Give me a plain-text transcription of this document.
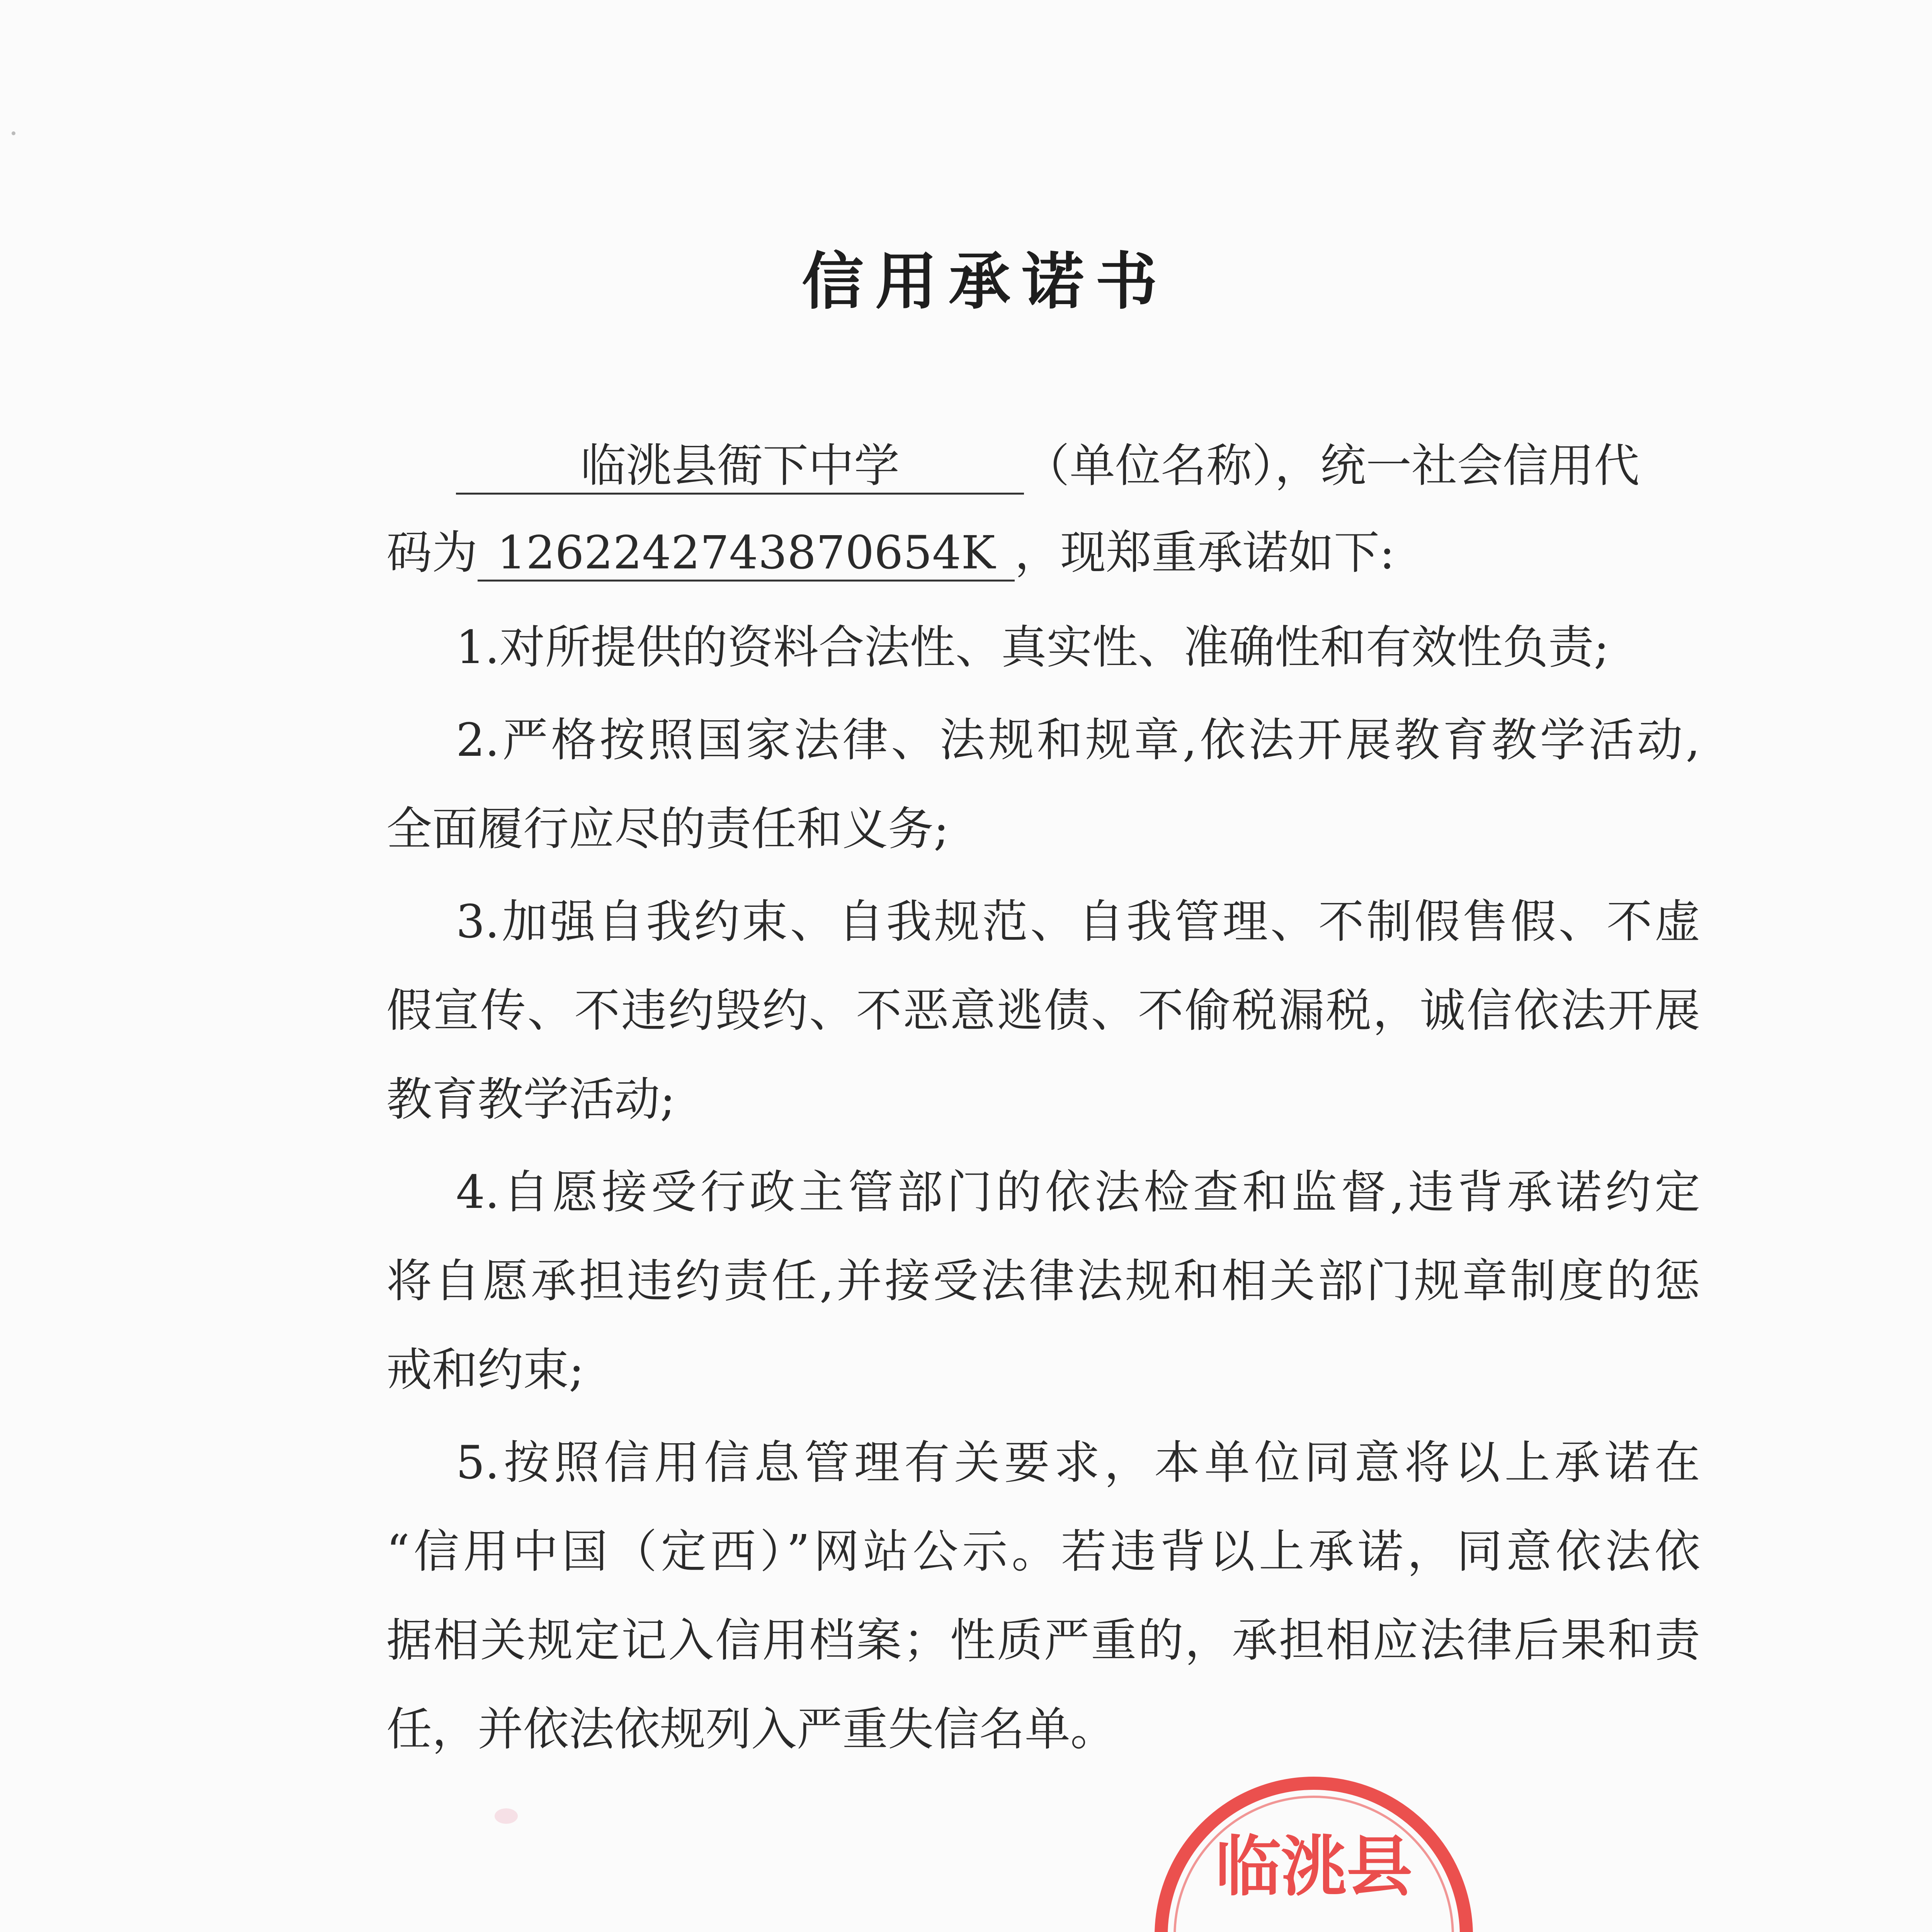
信用承诺书
临洮县衙下中学	（单位名称），统一社会信用代
码为 1262242743870654K ，现郑重承诺如下:
1.对所提供的资料合法性、真实性、准确性和有效性负责;
2.严格按照国家法律、法规和规章,依法开展教育教学活动,
全面履行应尽的责任和义务;
3.加强自我约束、自我规范、自我管理、不制假售假、不虚
假宣传、不违约毁约、不恶意逃债、不偷税漏税，诚信依法开展
教育教学活动;
4.自愿接受行政主管部门的依法检查和监督,违背承诺约定
将自愿承担违约责任,并接受法律法规和相关部门规章制度的惩
戒和约束;
5.按照信用信息管理有关要求，本单位同意将以上承诺在
“信用中国（定西）”网站公示。若违背以上承诺，同意依法依
据相关规定记入信用档案；性质严重的，承担相应法律后果和责
任，并依法依规列入严重失信名单。
临洮县
